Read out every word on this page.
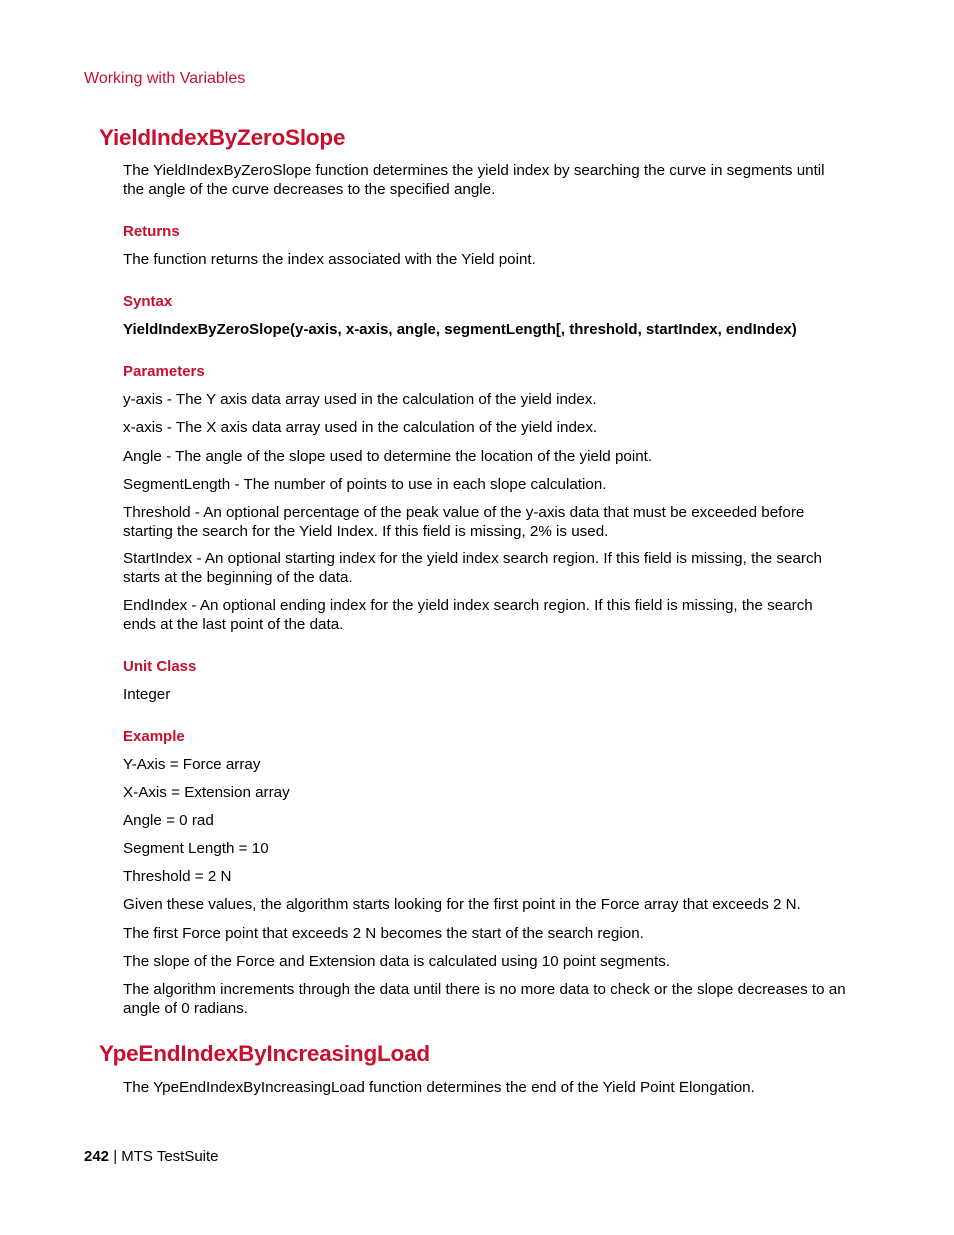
Working with Variables
YieldIndexByZeroSlope
The YieldIndexByZeroSlope function determines the yield index by searching the curve in segments until the angle of the curve decreases to the specified angle.
Returns
The function returns the index associated with the Yield point.
Syntax
YieldIndexByZeroSlope(y-axis, x-axis, angle, segmentLength[, threshold, startIndex, endIndex)
Parameters
y-axis - The Y axis data array used in the calculation of the yield index.
x-axis - The X axis data array used in the calculation of the yield index.
Angle - The angle of the slope used to determine the location of the yield point.
SegmentLength - The number of points to use in each slope calculation.
Threshold - An optional percentage of the peak value of the y-axis data that must be exceeded before starting the search for the Yield Index. If this field is missing, 2% is used.
StartIndex - An optional starting index for the yield index search region. If this field is missing, the search starts at the beginning of the data.
EndIndex - An optional ending index for the yield index search region. If this field is missing, the search ends at the last point of the data.
Unit Class
Integer
Example
Y-Axis = Force array
X-Axis = Extension array
Angle = 0 rad
Segment Length = 10
Threshold = 2 N
Given these values, the algorithm starts looking for the first point in the Force array that exceeds 2 N.
The first Force point that exceeds 2 N becomes the start of the search region.
The slope of the Force and Extension data is calculated using 10 point segments.
The algorithm increments through the data until there is no more data to check or the slope decreases to an angle of 0 radians.
YpeEndIndexByIncreasingLoad
The YpeEndIndexByIncreasingLoad function determines the end of the Yield Point Elongation.
242 | MTS TestSuite
